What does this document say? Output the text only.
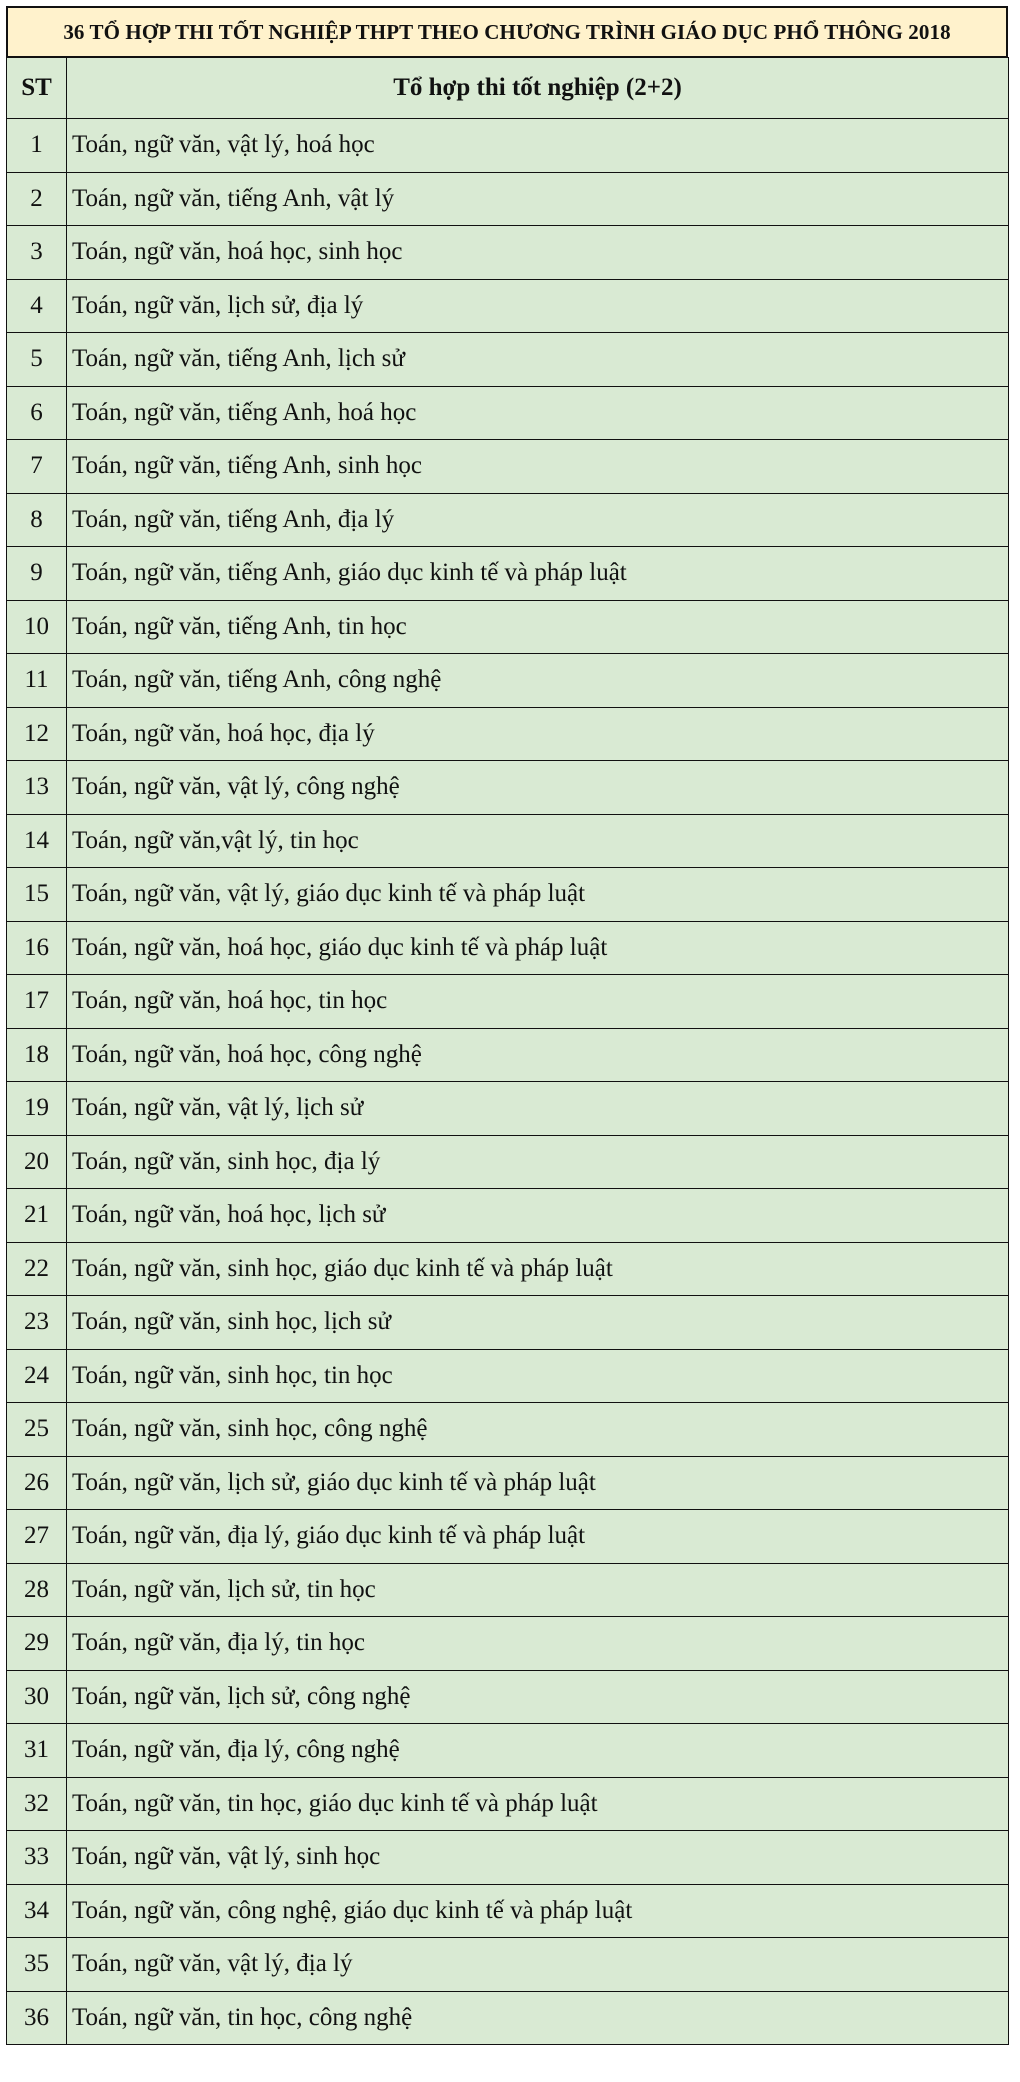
36 TỔ HỢP THI TỐT NGHIỆP THPT THEO CHƯƠNG TRÌNH GIÁO DỤC PHỔ THÔNG 2018
ST	Tổ hợp thi tốt nghiệp (2+2)
1	Toán, ngữ văn, vật lý, hoá học
2	Toán, ngữ văn, tiếng Anh, vật lý
3	Toán, ngữ văn, hoá học, sinh học
4	Toán, ngữ văn, lịch sử, địa lý
5	Toán, ngữ văn, tiếng Anh, lịch sử
6	Toán, ngữ văn, tiếng Anh, hoá học
7	Toán, ngữ văn, tiếng Anh, sinh học
8	Toán, ngữ văn, tiếng Anh, địa lý
9	Toán, ngữ văn, tiếng Anh, giáo dục kinh tế và pháp luật
10	Toán, ngữ văn, tiếng Anh, tin học
11	Toán, ngữ văn, tiếng Anh, công nghệ
12	Toán, ngữ văn, hoá học, địa lý
13	Toán, ngữ văn, vật lý, công nghệ
14	Toán, ngữ văn,vật lý, tin học
15	Toán, ngữ văn, vật lý, giáo dục kinh tế và pháp luật
16	Toán, ngữ văn, hoá học, giáo dục kinh tế và pháp luật
17	Toán, ngữ văn, hoá học, tin học
18	Toán, ngữ văn, hoá học, công nghệ
19	Toán, ngữ văn, vật lý, lịch sử
20	Toán, ngữ văn, sinh học, địa lý
21	Toán, ngữ văn, hoá học, lịch sử
22	Toán, ngữ văn, sinh học, giáo dục kinh tế và pháp luật
23	Toán, ngữ văn, sinh học, lịch sử
24	Toán, ngữ văn, sinh học, tin học
25	Toán, ngữ văn, sinh học, công nghệ
26	Toán, ngữ văn, lịch sử, giáo dục kinh tế và pháp luật
27	Toán, ngữ văn, địa lý, giáo dục kinh tế và pháp luật
28	Toán, ngữ văn, lịch sử, tin học
29	Toán, ngữ văn, địa lý, tin học
30	Toán, ngữ văn, lịch sử, công nghệ
31	Toán, ngữ văn, địa lý, công nghệ
32	Toán, ngữ văn, tin học, giáo dục kinh tế và pháp luật
33	Toán, ngữ văn, vật lý, sinh học
34	Toán, ngữ văn, công nghệ, giáo dục kinh tế và pháp luật
35	Toán, ngữ văn, vật lý, địa lý
36	Toán, ngữ văn, tin học, công nghệ
